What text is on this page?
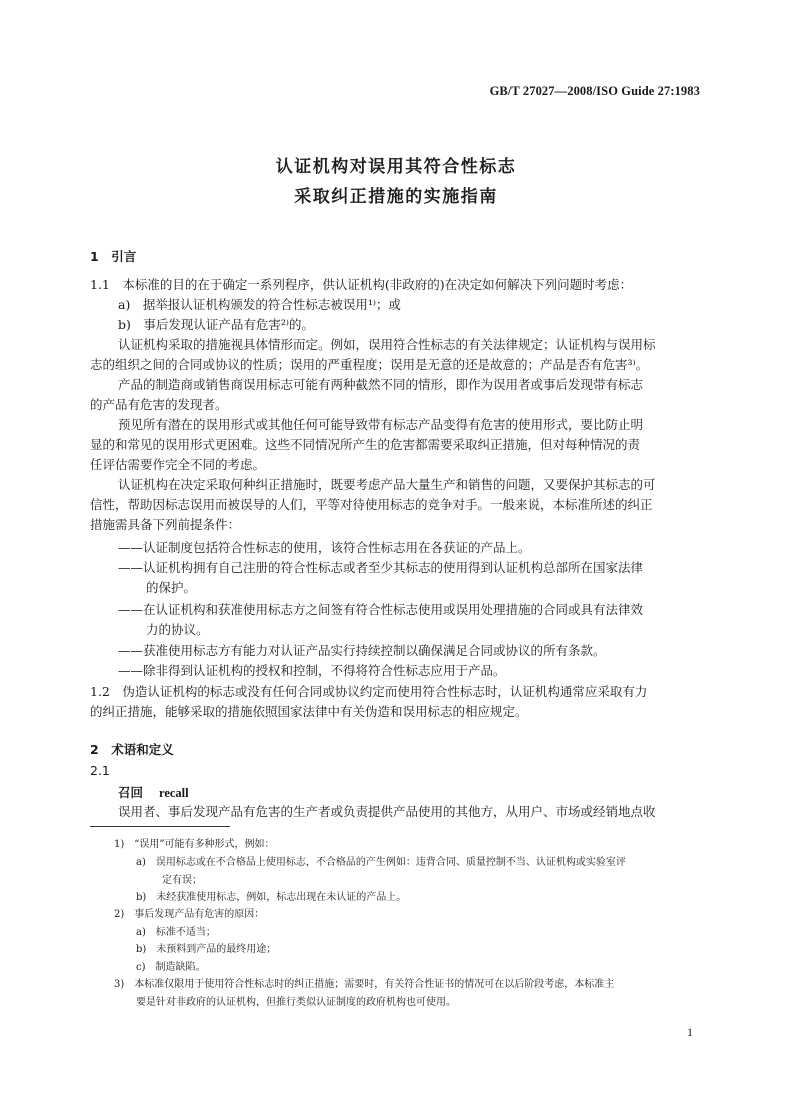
GB/T 27027—2008/ISO Guide 27:1983
认证机构对误用其符合性标志
采取纠正措施的实施指南
1　引言
1.1　本标准的目的在于确定一系列程序，供认证机构(非政府的)在决定如何解决下列问题时考虑：
a)　据举报认证机构颁发的符合性标志被误用¹⁾；或
b)　事后发现认证产品有危害²⁾的。
认证机构采取的措施视具体情形而定。例如，误用符合性标志的有关法律规定；认证机构与误用标
志的组织之间的合同或协议的性质；误用的严重程度；误用是无意的还是故意的；产品是否有危害³⁾。
产品的制造商或销售商误用标志可能有两种截然不同的情形，即作为误用者或事后发现带有标志
的产品有危害的发现者。
预见所有潜在的误用形式或其他任何可能导致带有标志产品变得有危害的使用形式，要比防止明
显的和常见的误用形式更困难。这些不同情况所产生的危害都需要采取纠正措施，但对每种情况的责
任评估需要作完全不同的考虑。
认证机构在决定采取何种纠正措施时，既要考虑产品大量生产和销售的问题，又要保护其标志的可
信性，帮助因标志误用而被误导的人们，平等对待使用标志的竞争对手。一般来说，本标准所述的纠正
措施需具备下列前提条件：
——认证制度包括符合性标志的使用，该符合性标志用在各获证的产品上。
——认证机构拥有自己注册的符合性标志或者至少其标志的使用得到认证机构总部所在国家法律
的保护。
——在认证机构和获准使用标志方之间签有符合性标志使用或误用处理措施的合同或具有法律效
力的协议。
——获准使用标志方有能力对认证产品实行持续控制以确保满足合同或协议的所有条款。
——除非得到认证机构的授权和控制，不得将符合性标志应用于产品。
1.2　伪造认证机构的标志或没有任何合同或协议约定而使用符合性标志时，认证机构通常应采取有力
的纠正措施，能够采取的措施依照国家法律中有关伪造和误用标志的相应规定。
2　术语和定义
2.1
召回 recall
误用者、事后发现产品有危害的生产者或负责提供产品使用的其他方，从用户、市场或经销地点收
1)　“误用”可能有多种形式，例如：
a)　误用标志或在不合格品上使用标志，不合格品的产生例如：违背合同、质量控制不当、认证机构或实验室评
定有误；
b)　未经获准使用标志，例如，标志出现在未认证的产品上。
2)　事后发现产品有危害的原因：
a)　标准不适当；
b)　未预料到产品的最终用途；
c)　制造缺陷。
3)　本标准仅限用于使用符合性标志时的纠正措施；需要时，有关符合性证书的情况可在以后阶段考虑，本标准主
要是针对非政府的认证机构，但推行类似认证制度的政府机构也可使用。
1
